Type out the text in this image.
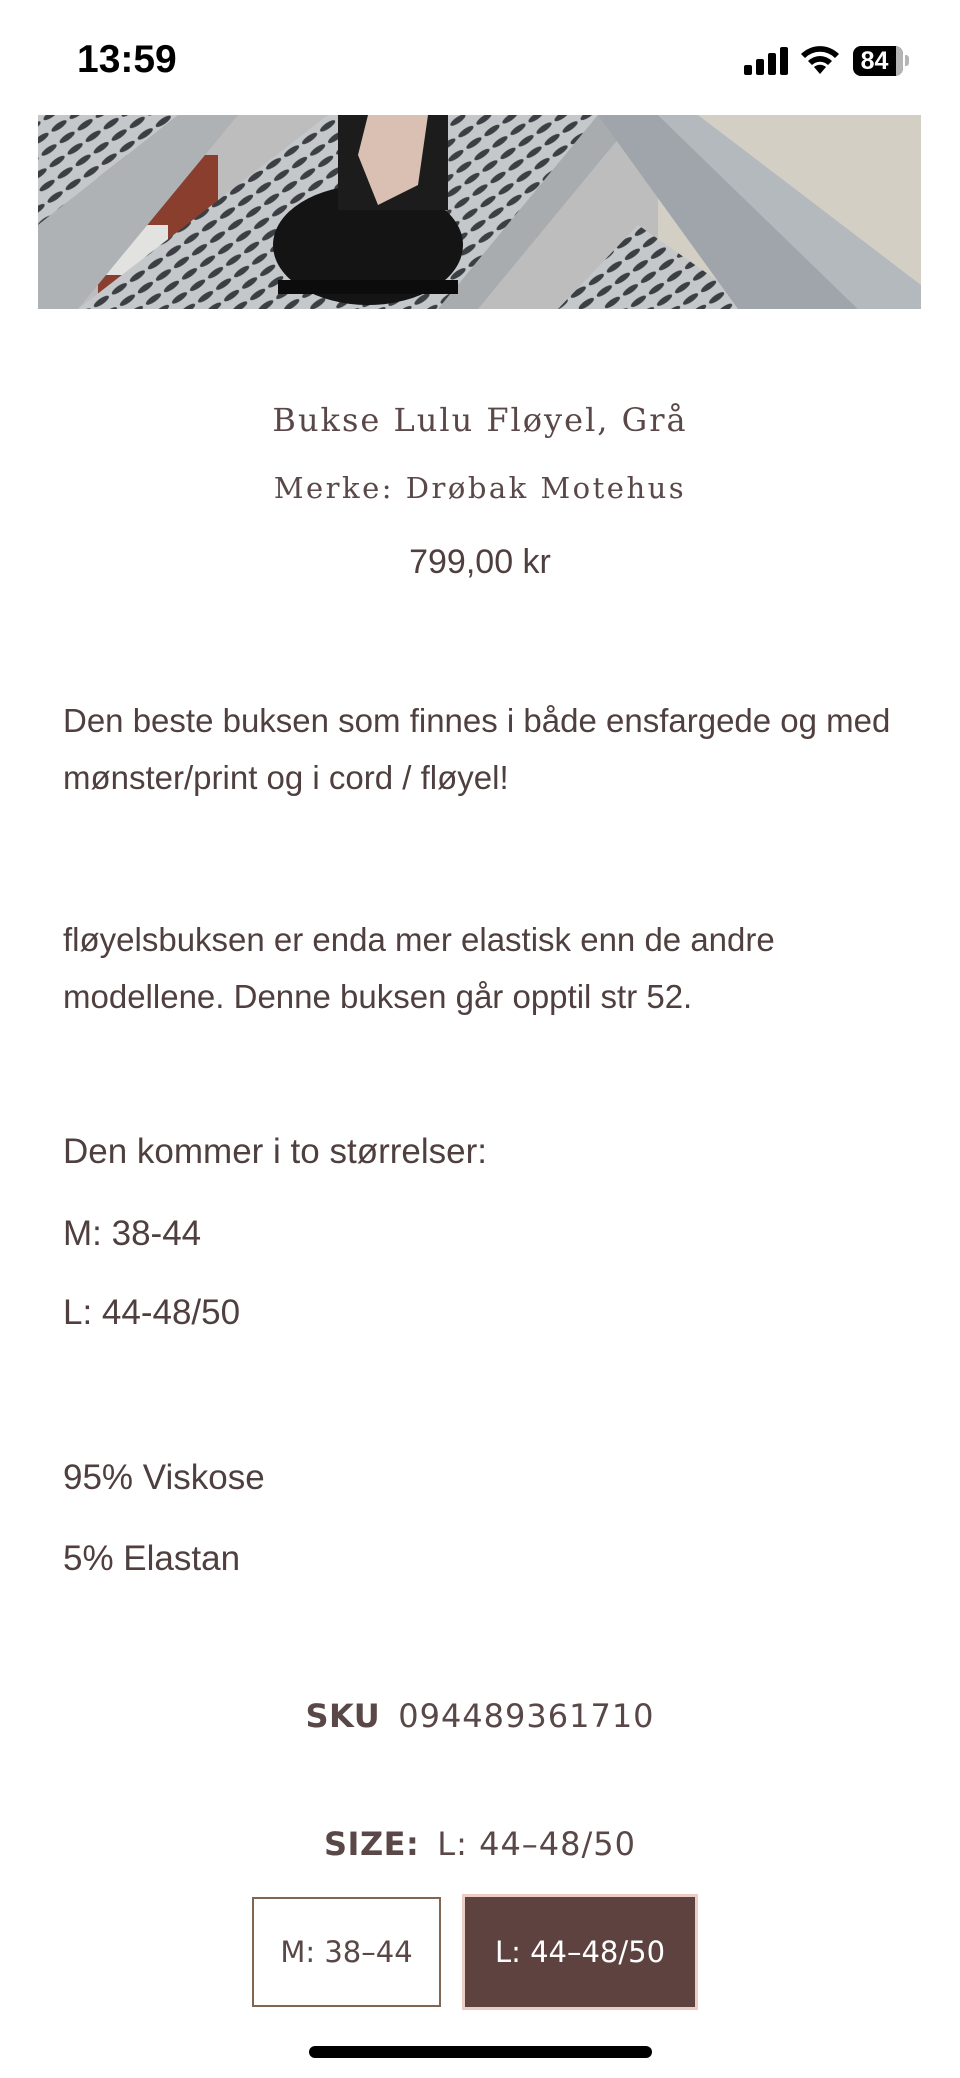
13:59	84
Bukse Lulu Fløyel, Grå
Merke: Drøbak Motehus
799,00 kr

Den beste buksen som finnes i både ensfargede og med mønster/print og i cord / fløyel!

fløyelsbuksen er enda mer elastisk enn de andre modellene. Denne buksen går opptil str 52.

Den kommer i to størrelser:
M: 38-44
L: 44-48/50
95% Viskose
5% Elastan
SKU 094489361710
SIZE: L: 44–48/50
M: 38–44	L: 44–48/50
